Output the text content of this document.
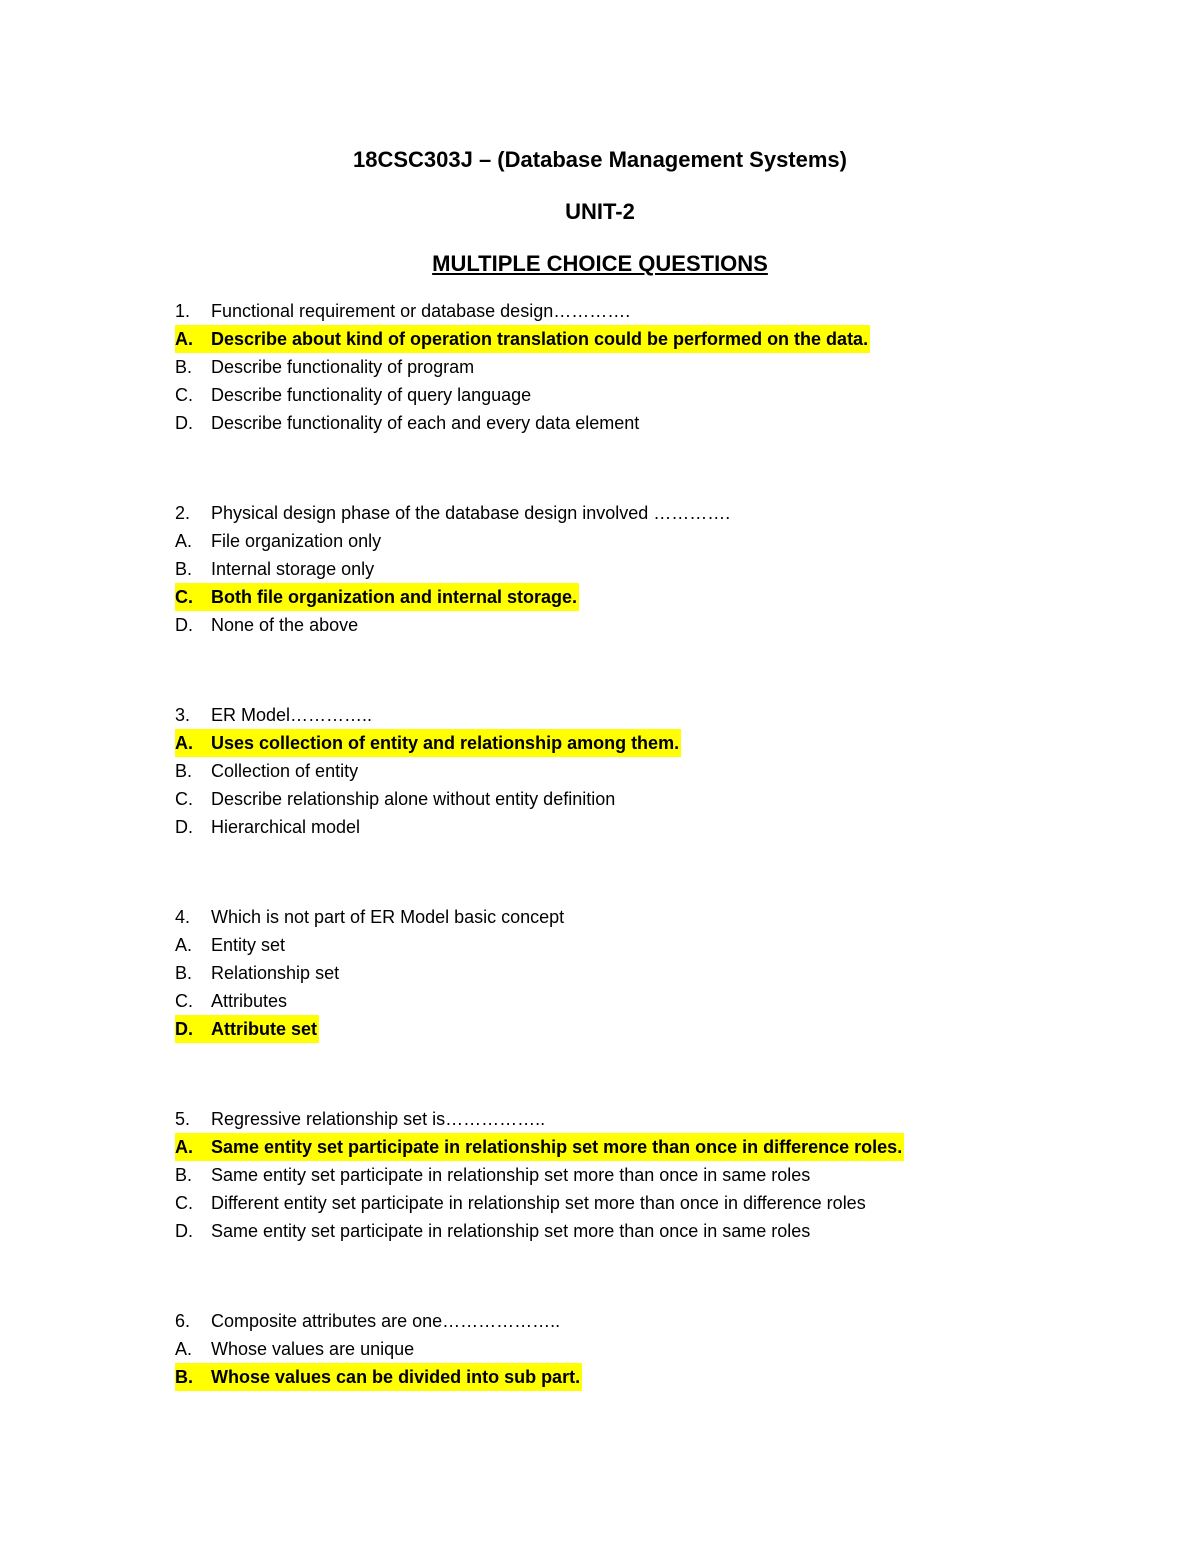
18CSC303J – (Database Management Systems)
UNIT-2
MULTIPLE CHOICE QUESTIONS
1. Functional requirement or database design………….
A. Describe about kind of operation translation could be performed on the data.
B. Describe functionality of program
C. Describe functionality of query language
D. Describe functionality of each and every data element
2. Physical design phase of the database design involved ………….
A. File organization only
B. Internal storage only
C. Both file organization and internal storage.
D. None of the above
3. ER Model…………..
A. Uses collection of entity and relationship among them.
B. Collection of entity
C. Describe relationship alone without entity definition
D. Hierarchical model
4. Which is not part of ER Model basic concept
A. Entity set
B. Relationship set
C. Attributes
D. Attribute set
5. Regressive relationship set is……………..
A. Same entity set participate in relationship set more than once in difference roles.
B. Same entity set participate in relationship set more than once in same roles
C. Different entity set participate in relationship set more than once in difference roles
D. Same entity set participate in relationship set more than once in same roles
6. Composite attributes are one………………..
A. Whose values are unique
B. Whose values can be divided into sub part.
